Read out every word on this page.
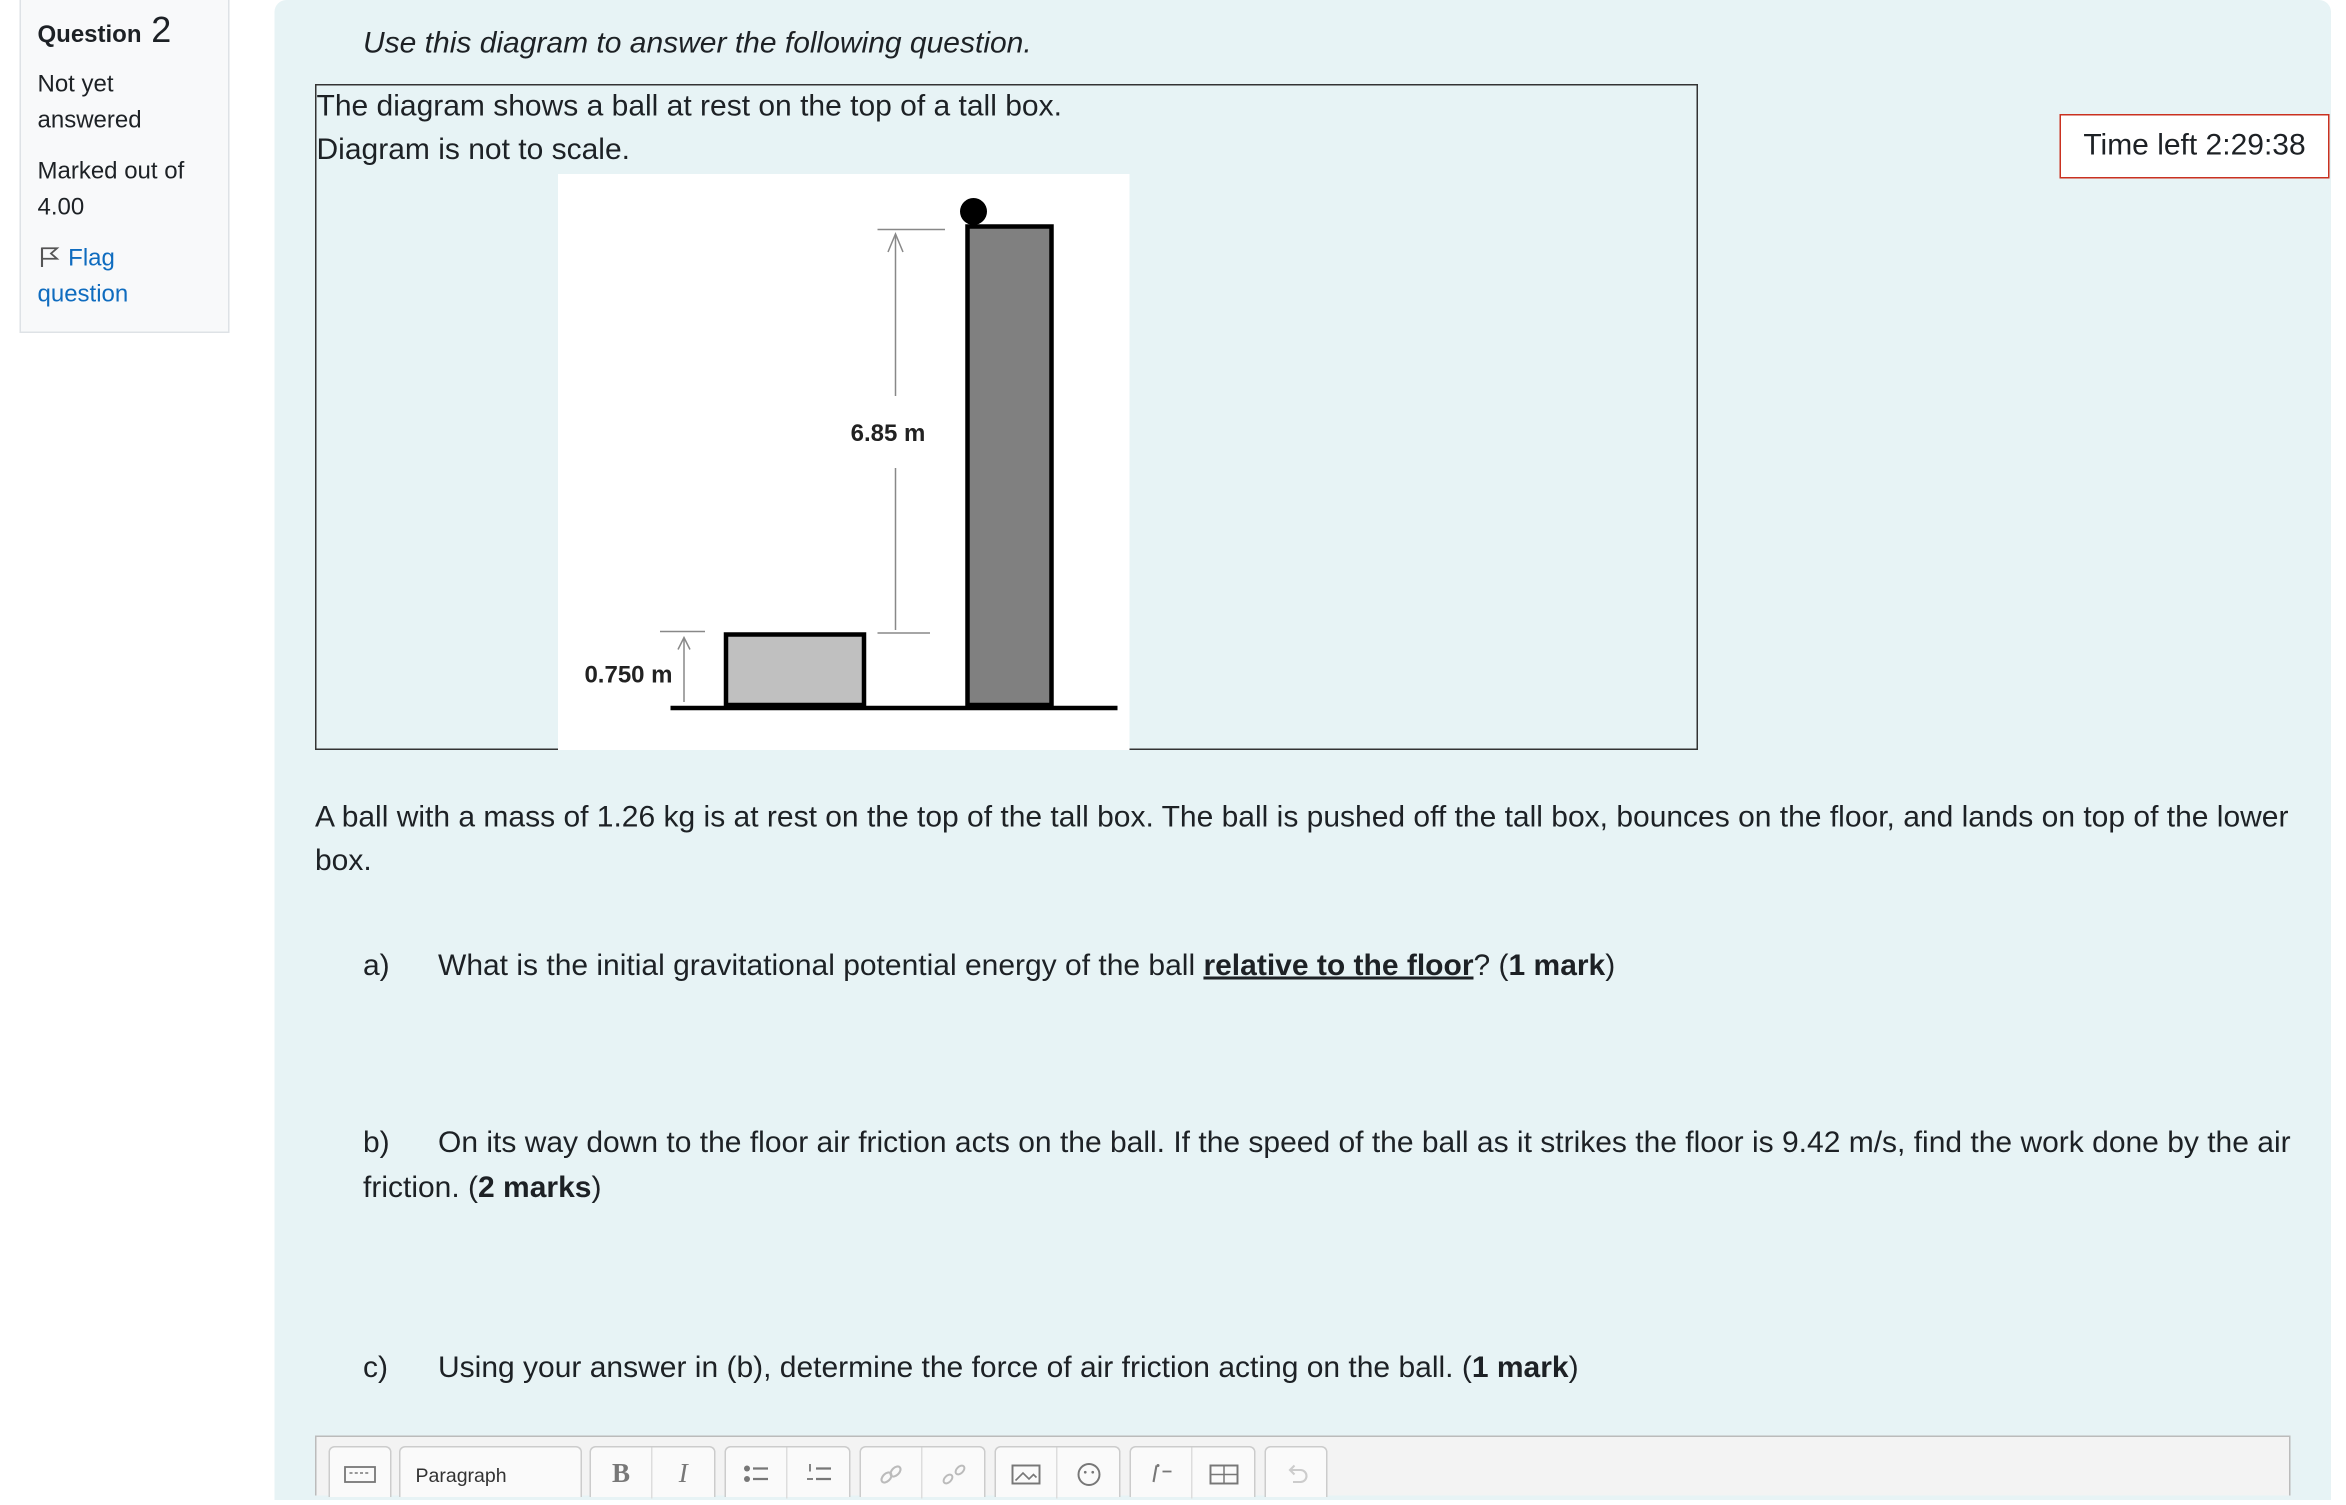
Question 2
Not yet
answered
Marked out of
4.00
Flag
question
Use this diagram to answer the following question.
The diagram shows a ball at rest on the top of a tall box.
Diagram is not to scale.
6.85 m
0.750 m
A ball with a mass of 1.26 kg is at rest on the top of the tall box. The ball is pushed off the tall box, bounces on the floor, and lands on top of the lower box.
a) What is the initial gravitational potential energy of the ball relative to the floor? (1 mark)
b) On its way down to the floor air friction acts on the ball. If the speed of the ball as it strikes the floor is 9.42 m/s, find the work done by the air friction. (2 marks)
c) Using your answer in (b), determine the force of air friction acting on the ball. (1 mark)
Paragraph	B	I
Time left 2:29:38
